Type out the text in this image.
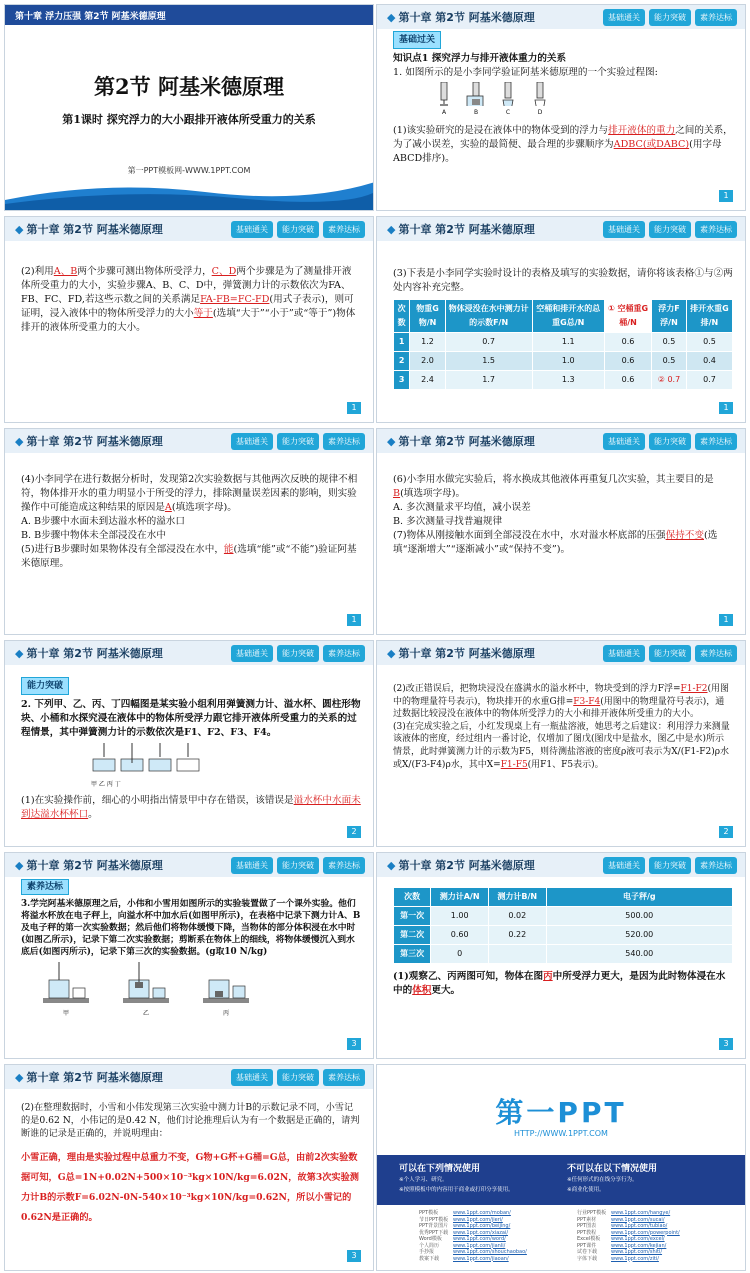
第十章 浮力压强 第2节 阿基米德原理
第2节 阿基米德原理
第1课时 探究浮力的大小跟排开液体所受重力的关系
第一PPT模板网-WWW.1PPT.COM
◆ 第十章 第2节 阿基米德原理	基础通关	能力突破	素养达标
基础过关

知识点1 探究浮力与排开液体重力的关系

1. 如图所示的是小李同学验证阿基米德原理的一个实验过程图:

A	B	C	D

(1)该实验研究的是浸在液体中的物体受到的浮力与排开液体的重力之间的关系，为了减小误差，实验的最简便、最合理的步骤顺序为ADBC(或DABC)(用字母ABCD排序)。

1
◆ 第十章 第2节 阿基米德原理	基础通关	能力突破	素养达标

(2)利用A、B两个步骤可测出物体所受浮力，C、D两个步骤是为了测量排开液体所受重力的大小，实验步骤A、B、C、D中，弹簧测力计的示数依次为FA、FB、FC、FD,若这些示数之间的关系满足FA-FB=FC-FD(用式子表示)，则可证明，浸入液体中的物体所受浮力的大小等于(选填“大于”“小于”或“等于”)物体排开的液体所受重力的大小。

1
◆ 第十章 第2节 阿基米德原理	基础通关	能力突破	素养达标

(3)下表是小李同学实验时设计的表格及填写的实验数据，请你将该表格①与②两处内容补充完整。

次数	物重G物/N	物体浸没在水中测力计的示数F/N	空桶和排开水的总重G总/N	① 空桶重G桶/N	浮力F浮/N	排开水重G排/N
1	1.2	0.7	1.1	0.6	0.5	0.5
2	2.0	1.5	1.0	0.6	0.5	0.4
3	2.4	1.7	1.3	0.6	② 0.7	0.7
1
◆ 第十章 第2节 阿基米德原理	基础通关	能力突破	素养达标

(4)小李同学在进行数据分析时，发现第2次实验数据与其他两次反映的规律不相符，物体排开水的重力明显小于所受的浮力，排除测量误差因素的影响，则实验操作中可能造成这种结果的原因是A(填选项字母)。

A. B步骤中水面未到达溢水杯的溢水口

B. B步骤中物体未全部浸没在水中

(5)进行B步骤时如果物体没有全部浸没在水中，能(选填“能”或“不能”)验证阿基米德原理。

1
◆ 第十章 第2节 阿基米德原理	基础通关	能力突破	素养达标

(6)小李用水做完实验后，将水换成其他液体再重复几次实验，其主要目的是B(填选项字母)。

A. 多次测量求平均值，减小误差

B. 多次测量寻找普遍规律

(7)物体从刚接触水面到全部浸没在水中，水对溢水杯底部的压强保持不变(选填“逐渐增大”“逐渐减小”或“保持不变”)。

1
◆ 第十章 第2节 阿基米德原理	基础通关	能力突破	素养达标
能力突破

2. 下列甲、乙、丙、丁四幅图是某实验小组利用弹簧测力计、溢水杯、圆柱形物块、小桶和水探究浸在液体中的物体所受浮力跟它排开液体所受重力的关系的过程情景，其中弹簧测力计的示数依次是F1、F2、F3、F4。

甲 乙 丙 丁

(1)在实验操作前，细心的小明指出情景甲中存在错误，该错误是溢水杯中水面未到达溢水杯杯口。

2
◆ 第十章 第2节 阿基米德原理	基础通关	能力突破	素养达标

(2)改正错误后，把物块浸没在盛满水的溢水杯中，物块受到的浮力F浮=F1-F2(用图中的物理量符号表示)，物块排开的水重G排=F3-F4(用图中的物理量符号表示)，通过数据比较浸没在液体中的物体所受浮力的大小和排开液体所受重力的大小。

(3)在完成实验之后，小红发现桌上有一瓶盐溶液，她思考之后建议：利用浮力来测量该液体的密度，经过组内一番讨论，仅增加了图戊(图戊中是盐水，图乙中是水)所示情景，此时弹簧测力计的示数为F5，则待测盐溶液的密度ρ液可表示为X/(F1-F2)ρ水或X/(F3-F4)ρ水，其中X=F1-F5(用F1、F5表示)。

2
◆ 第十章 第2节 阿基米德原理	基础通关	能力突破	素养达标
素养达标

3.学完阿基米德原理之后，小伟和小雪用如图所示的实验装置做了一个课外实验。他们将溢水杯放在电子秤上，向溢水杯中加水后(如图甲所示)，在表格中记录下测力计A、B及电子秤的第一次实验数据；然后他们将物体缓慢下降，当物体的部分体积浸在水中时(如图乙所示)，记录下第二次实验数据；剪断系在物体上的细线，将物体缓慢沉入到水底后(如图丙所示)，记录下第三次的实验数据。(g取10 N/kg)

甲	乙	丙
3
◆ 第十章 第2节 阿基米德原理	基础通关	能力突破	素养达标
次数	测力计A/N	测力计B/N	电子秤/g
第一次	1.00	0.02	500.00
第二次	0.60	0.22	520.00
第三次	0		540.00

(1)观察乙、丙两图可知，物体在图丙中所受浮力更大，是因为此时物体浸在水中的体积更大。

3
◆ 第十章 第2节 阿基米德原理	基础通关	能力突破	素养达标

(2)在整理数据时，小雪和小伟发现第三次实验中测力计B的示数记录不同，小雪记的是0.62 N，小伟记的是0.42 N，他们讨论推理后认为有一个数据是正确的，请判断谁的记录是正确的，并说明理由：

小雪正确，理由是实验过程中总重力不变，G物+G杯+G桶=G总，由前2次实验数据可知，G总=1N+0.02N+500×10⁻³kg×10N/kg=6.02N，故第3次实验测力计B的示数F=6.02N-0N-540×10⁻³kg×10N/kg=0.62N，所以小雪记的0.62N是正确的。

3
第一PPT
HTTP://WWW.1PPT.COM
可以在下列情况使用
※个人学习、研究。
※按照模板中的内容用于商业或打印分享使用。
不可以在以下情况使用
※任何形式的在线分享行为。
※商业化使用。
PPT模板	www.1ppt.com/moban/
节日PPT模板 www.1ppt.com/jieri/
PPT背景图片 www.1ppt.com/beijing/
优秀PPT下载 www.1ppt.com/xiazai/
Word模板 www.1ppt.com/word/
个人简历	www.1ppt.com/jianli/
手抄报	www.1ppt.com/shouchaobao/
教案下载	www.1ppt.com/jiaoan/
行业PPT模板 www.1ppt.com/hangye/
PPT素材	www.1ppt.com/sucai/
PPT图表	www.1ppt.com/tubiao/
PPT教程	www.1ppt.com/powerpoint/
Excel模板 www.1ppt.com/excel/
PPT课件	www.1ppt.com/kejian/
试卷下载	www.1ppt.com/shiti/
字体下载	www.1ppt.com/ziti/
